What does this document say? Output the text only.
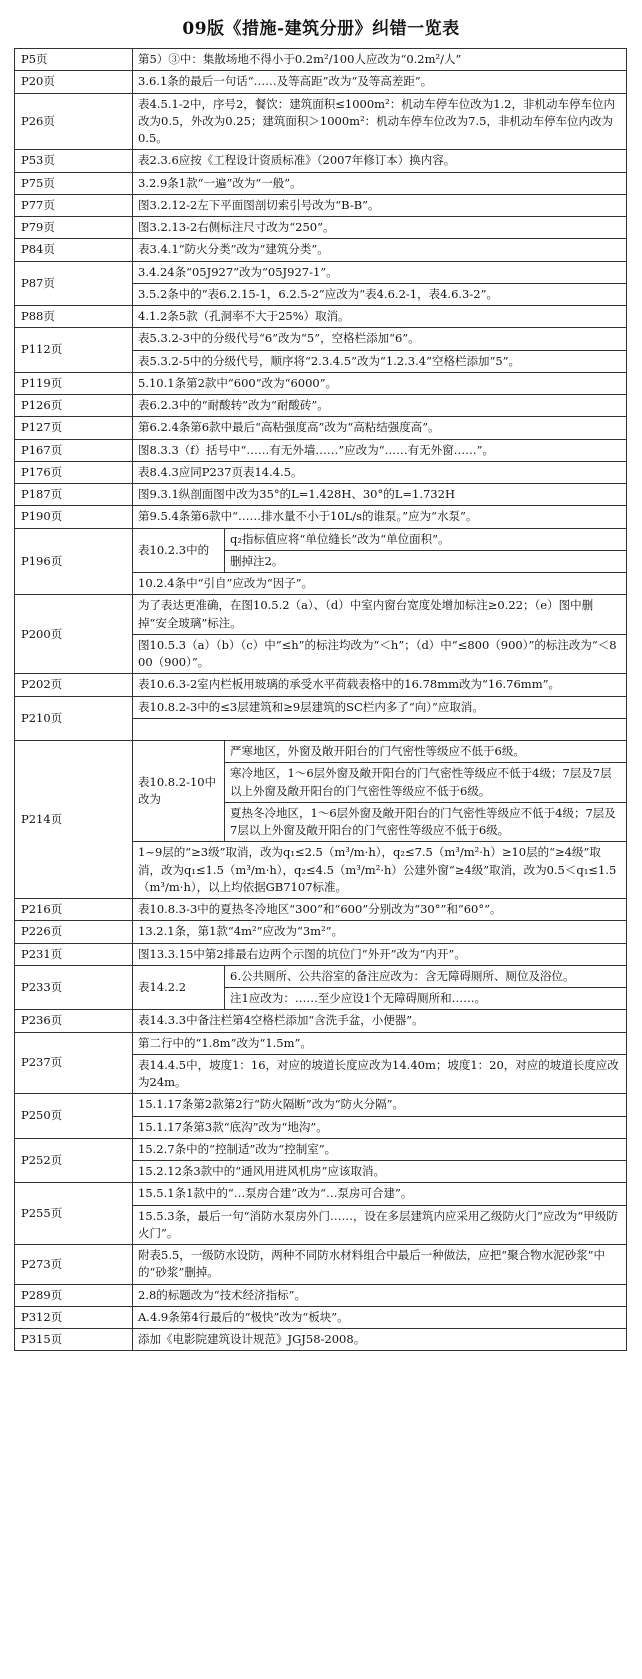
09版《措施-建筑分册》纠错一览表
P5页	第5）③中：集散场地不得小于0.2m²/100人应改为“0.2m²/人”	
P20页	3.6.1条的最后一句话“……及等高距”改为“及等高差距”。	
P26页	表4.5.1-2中，序号2，餐饮：建筑面积≤1000m²：机动车停车位改为1.2，非机动车停车位内改为0.5，外改为0.25；建筑面积＞1000m²：机动车停车位改为7.5，非机动车停车位内改为0.5。	
P53页	表2.3.6应按《工程设计资质标准》（2007年修订本）换内容。	
P75页	3.2.9条1款“一遍”改为“一般”。	
P77页	图3.2.12-2左下平面图剖切索引号改为“B-B”。	
P79页	图3.2.13-2右侧标注尺寸改为“250”。	
P84页	表3.4.1“防火分类”改为“建筑分类”。	
P87页	3.4.24条“05J927”改为“05J927-1”。	
	3.5.2条中的“表6.2.15-1，6.2.5-2”应改为“表4.6.2-1，表4.6.3-2”。	
P88页	4.1.2条5款（孔洞率不大于25%）取消。	
P112页	表5.3.2-3中的分级代号“6”改为“5”，空格栏添加“6”。	
	表5.3.2-5中的分级代号，顺序将“2.3.4.5”改为“1.2.3.4”空格栏添加“5”。	
P119页	5.10.1条第2款中“600”改为“6000”。	
P126页	表6.2.3中的“耐酸转”改为“耐酸砖”。	
P127页	第6.2.4条第6款中最后“高粘强度高”改为“高粘结强度高”。	
P167页	图8.3.3（f）括号中“……有无外墙……”应改为“……有无外窗……”。	
P176页	表8.4.3应同P237页表14.4.5。	
P187页	图9.3.1纵剖面图中改为35°的L=1.428H、30°的L=1.732H	
P190页	第9.5.4条第6款中“……排水量不小于10L/s的谁泵。”应为“水泵”。	
P196页	表10.2.3中的	q₂指标值应将“单位缝长”改为“单位面积”。
		删掉注2。
	10.2.4条中“引自”应改为“因子”。	
P200页	为了表达更准确，在图10.5.2（a）、（d）中室内窗台宽度处增加标注≥0.22；（e）图中删掉“安全玻璃”标注。	
	图10.5.3（a）（b）（c）中“≤h”的标注均改为“＜h”；（d）中“≤800（900）”的标注改为“＜800（900）”。	
P202页	表10.6.3-2室内栏板用玻璃的承受水平荷载表格中的16.78mm改为“16.76mm”。	
P210页	表10.8.2-3中的≤3层建筑和≥9层建筑的SC栏内多了“向）”应取消。	

P214页	表10.8.2-10中改为	严寒地区，外窗及敞开阳台的门气密性等级应不低于6级。
		寒冷地区，1～6层外窗及敞开阳台的门气密性等级应不低于4级；7层及7层以上外窗及敞开阳台的门气密性等级应不低于6级。
		夏热冬冷地区，1～6层外窗及敞开阳台的门气密性等级应不低于4级；7层及7层以上外窗及敞开阳台的门气密性等级应不低于6级。
	1~9层的“≥3级”取消，改为q₁≤2.5（m³/m·h），q₂≤7.5（m³/m²·h）≥10层的“≥4级”取消，改为q₁≤1.5（m³/m·h），q₂≤4.5（m³/m²·h）公建外窗“≥4级”取消，改为0.5＜q₁≤1.5（m³/m·h），以上均依据GB7107标准。	
P216页	表10.8.3-3中的夏热冬冷地区“300”和“600”分别改为“30°”和“60°”。	
P226页	13.2.1条，第1款“4m²”应改为“3m²”。	
P231页	图13.3.15中第2排最右边两个示图的坑位门“外开”改为“内开”。	
P233页	表14.2.2	6.公共厕所、公共浴室的备注应改为：含无障碍厕所、厕位及浴位。
		注1应改为：……至少应设1个无障碍厕所和……。
P236页	表14.3.3中备注栏第4空格栏添加“含洗手盆，小便器”。	
P237页	第二行中的“1.8m”改为“1.5m”。	
	表14.4.5中，坡度1：16，对应的坡道长度应改为14.40m；坡度1：20，对应的坡道长度应改为24m。	
P250页	15.1.17条第2款第2行“防火隔断”改为“防火分隔”。	
	15.1.17条第3款“底沟”改为“地沟”。	
P252页	15.2.7条中的“控制适”改为“控制室”。	
	15.2.12条3款中的“通风用进风机房”应该取消。	
P255页	15.5.1条1款中的“…泵房合建”改为“…泵房可合建”。	
	15.5.3条，最后一句“消防水泵房外门……，设在多层建筑内应采用乙级防火门”应改为“甲级防火门”。	
P273页	附表5.5，一级防水设防，两种不同防水材料组合中最后一种做法，应把“聚合物水泥砂浆”中的“砂浆”删掉。	
P289页	2.8的标题改为“技术经济指标”。	
P312页	A.4.9条第4行最后的“极快”改为“板块”。	
P315页	添加《电影院建筑设计规范》JGJ58-2008。	
